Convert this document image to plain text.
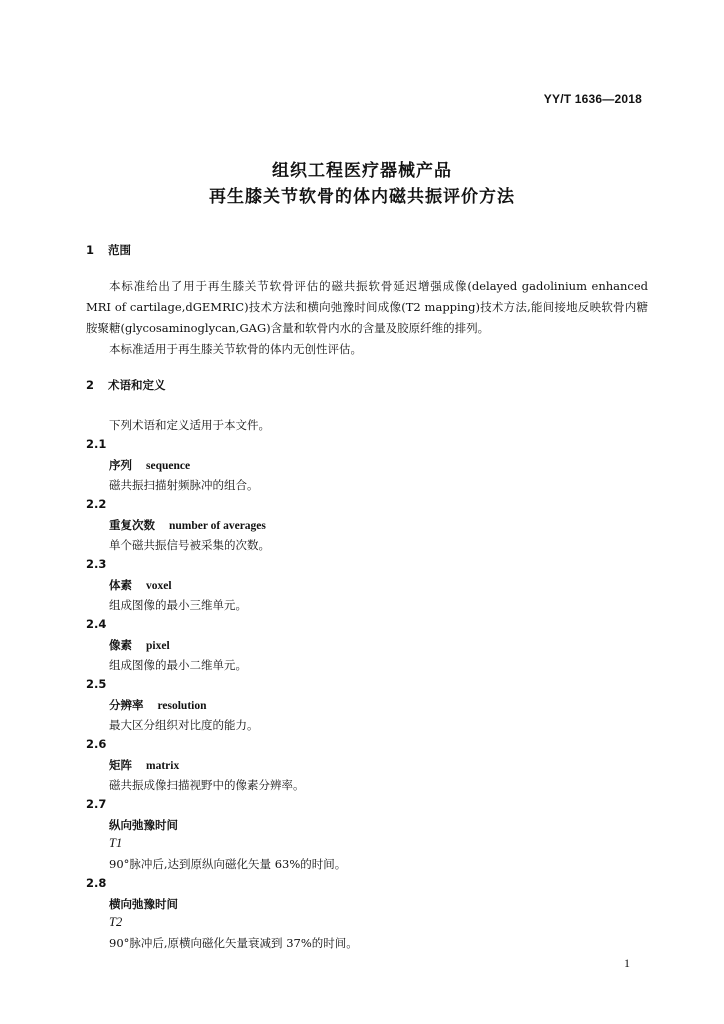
YY/T 1636—2018
组织工程医疗器械产品
再生膝关节软骨的体内磁共振评价方法
1 范围

本标准给出了用于再生膝关节软骨评估的磁共振软骨延迟增强成像(delayed gadolinium enhanced MRI of cartilage,dGEMRIC)技术方法和横向弛豫时间成像(T2 mapping)技术方法,能间接地反映软骨内糖胺聚糖(glycosaminoglycan,GAG)含量和软骨内水的含量及胶原纤维的排列。

本标准适用于再生膝关节软骨的体内无创性评估。

2 术语和定义
下列术语和定义适用于本文件。
2.1
序列 sequence
磁共振扫描射频脉冲的组合。
2.2
重复次数 number of averages
单个磁共振信号被采集的次数。
2.3
体素 voxel
组成图像的最小三维单元。
2.4
像素 pixel
组成图像的最小二维单元。
2.5
分辨率 resolution
最大区分组织对比度的能力。
2.6
矩阵 matrix
磁共振成像扫描视野中的像素分辨率。
2.7
纵向弛豫时间
T1
90°脉冲后,达到原纵向磁化矢量 63%的时间。
2.8
横向弛豫时间
T2
90°脉冲后,原横向磁化矢量衰减到 37%的时间。
1
